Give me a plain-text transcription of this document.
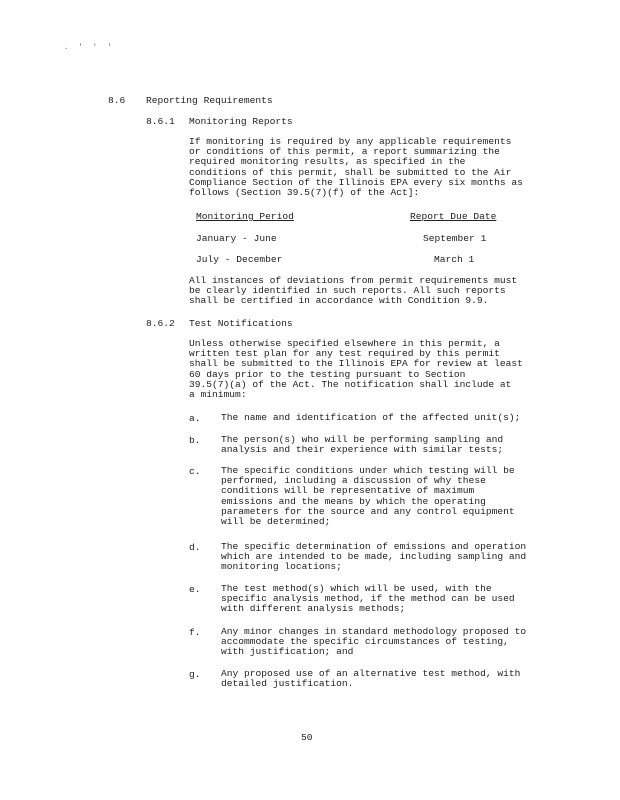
. ' ' '
8.6 Reporting Requirements
8.6.1 Monitoring Reports
If monitoring is required by any applicable requirements
or conditions of this permit, a report summarizing the
required monitoring results, as specified in the
conditions of this permit, shall be submitted to the Air
Compliance Section of the Illinois EPA every six months as
follows (Section 39.5(7)(f) of the Act]:
Monitoring Period	Report Due Date
January - June	September 1
July - December	March 1
All instances of deviations from permit requirements must
be clearly identified in such reports. All such reports
shall be certified in accordance with Condition 9.9.
8.6.2 Test Notifications
Unless otherwise specified elsewhere in this permit, a
written test plan for any test required by this permit
shall be submitted to the Illinois EPA for review at least
60 days prior to the testing pursuant to Section
39.5(7)(a) of the Act. The notification shall include at
a minimum:
a. The name and identification of the affected unit(s);
b. The person(s) who will be performing sampling and
analysis and their experience with similar tests;
c. The specific conditions under which testing will be
performed, including a discussion of why these
conditions will be representative of maximum
emissions and the means by which the operating
parameters for the source and any control equipment
will be determined;
d. The specific determination of emissions and operation
which are intended to be made, including sampling and
monitoring locations;
e. The test method(s) which will be used, with the
specific analysis method, if the method can be used
with different analysis methods;
f. Any minor changes in standard methodology proposed to
accommodate the specific circumstances of testing,
with justification; and
g. Any proposed use of an alternative test method, with
detailed justification.
50
